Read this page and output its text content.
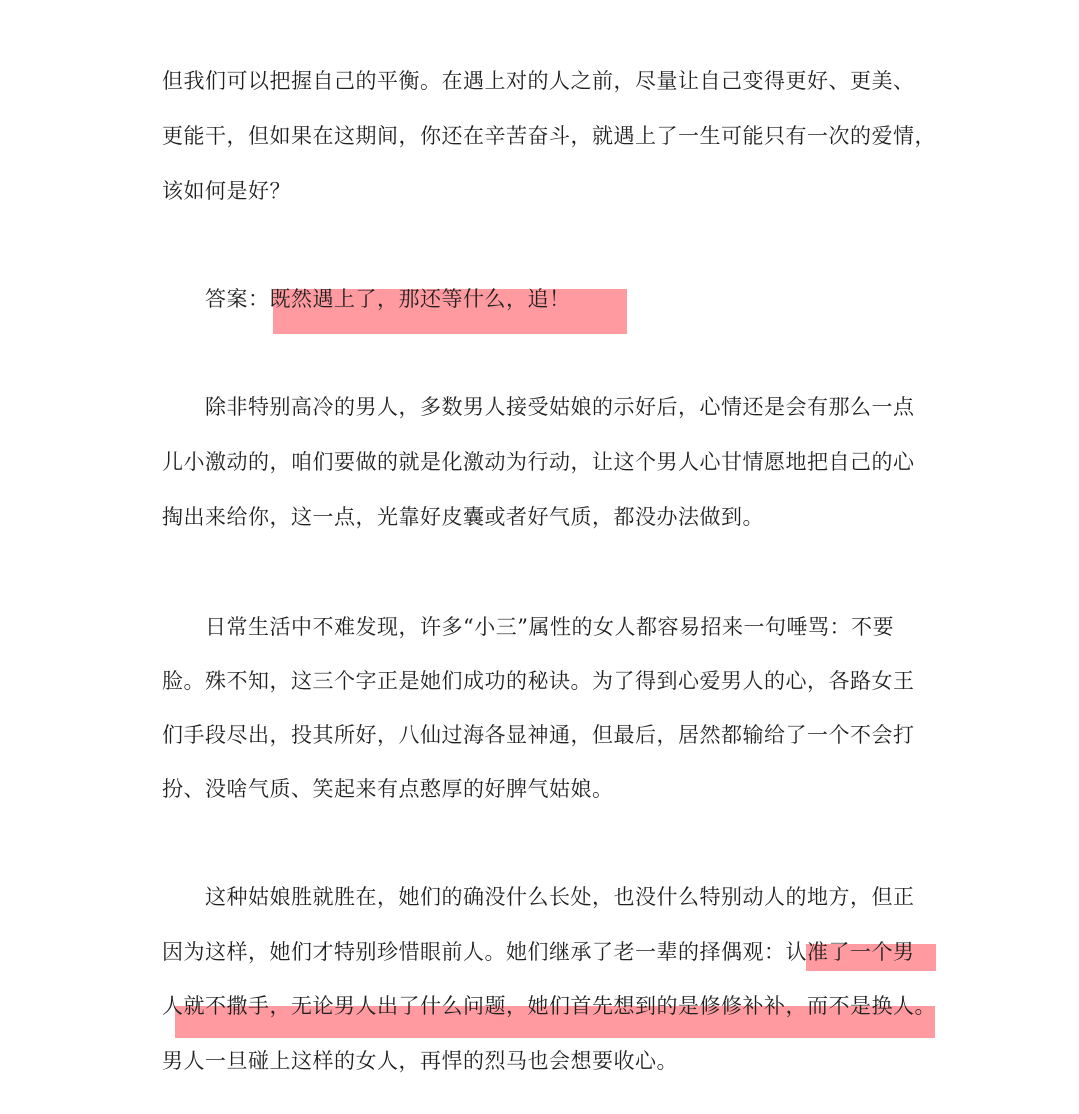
但我们可以把握自己的平衡。在遇上对的人之前，尽量让自己变得更好、更美、
更能干，但如果在这期间，你还在辛苦奋斗，就遇上了一生可能只有一次的爱情，
该如何是好？
答案：既然遇上了，那还等什么，追！
除非特别高冷的男人，多数男人接受姑娘的示好后，心情还是会有那么一点
儿小激动的，咱们要做的就是化激动为行动，让这个男人心甘情愿地把自己的心
掏出来给你，这一点，光靠好皮囊或者好气质，都没办法做到。
日常生活中不难发现，许多“小三”属性的女人都容易招来一句唾骂：不要
脸。殊不知，这三个字正是她们成功的秘诀。为了得到心爱男人的心，各路女王
们手段尽出，投其所好，八仙过海各显神通，但最后，居然都输给了一个不会打
扮、没啥气质、笑起来有点憨厚的好脾气姑娘。
这种姑娘胜就胜在，她们的确没什么长处，也没什么特别动人的地方，但正
因为这样，她们才特别珍惜眼前人。她们继承了老一辈的择偶观：认准了一个男
人就不撒手，无论男人出了什么问题，她们首先想到的是修修补补，而不是换人。
男人一旦碰上这样的女人，再悍的烈马也会想要收心。
